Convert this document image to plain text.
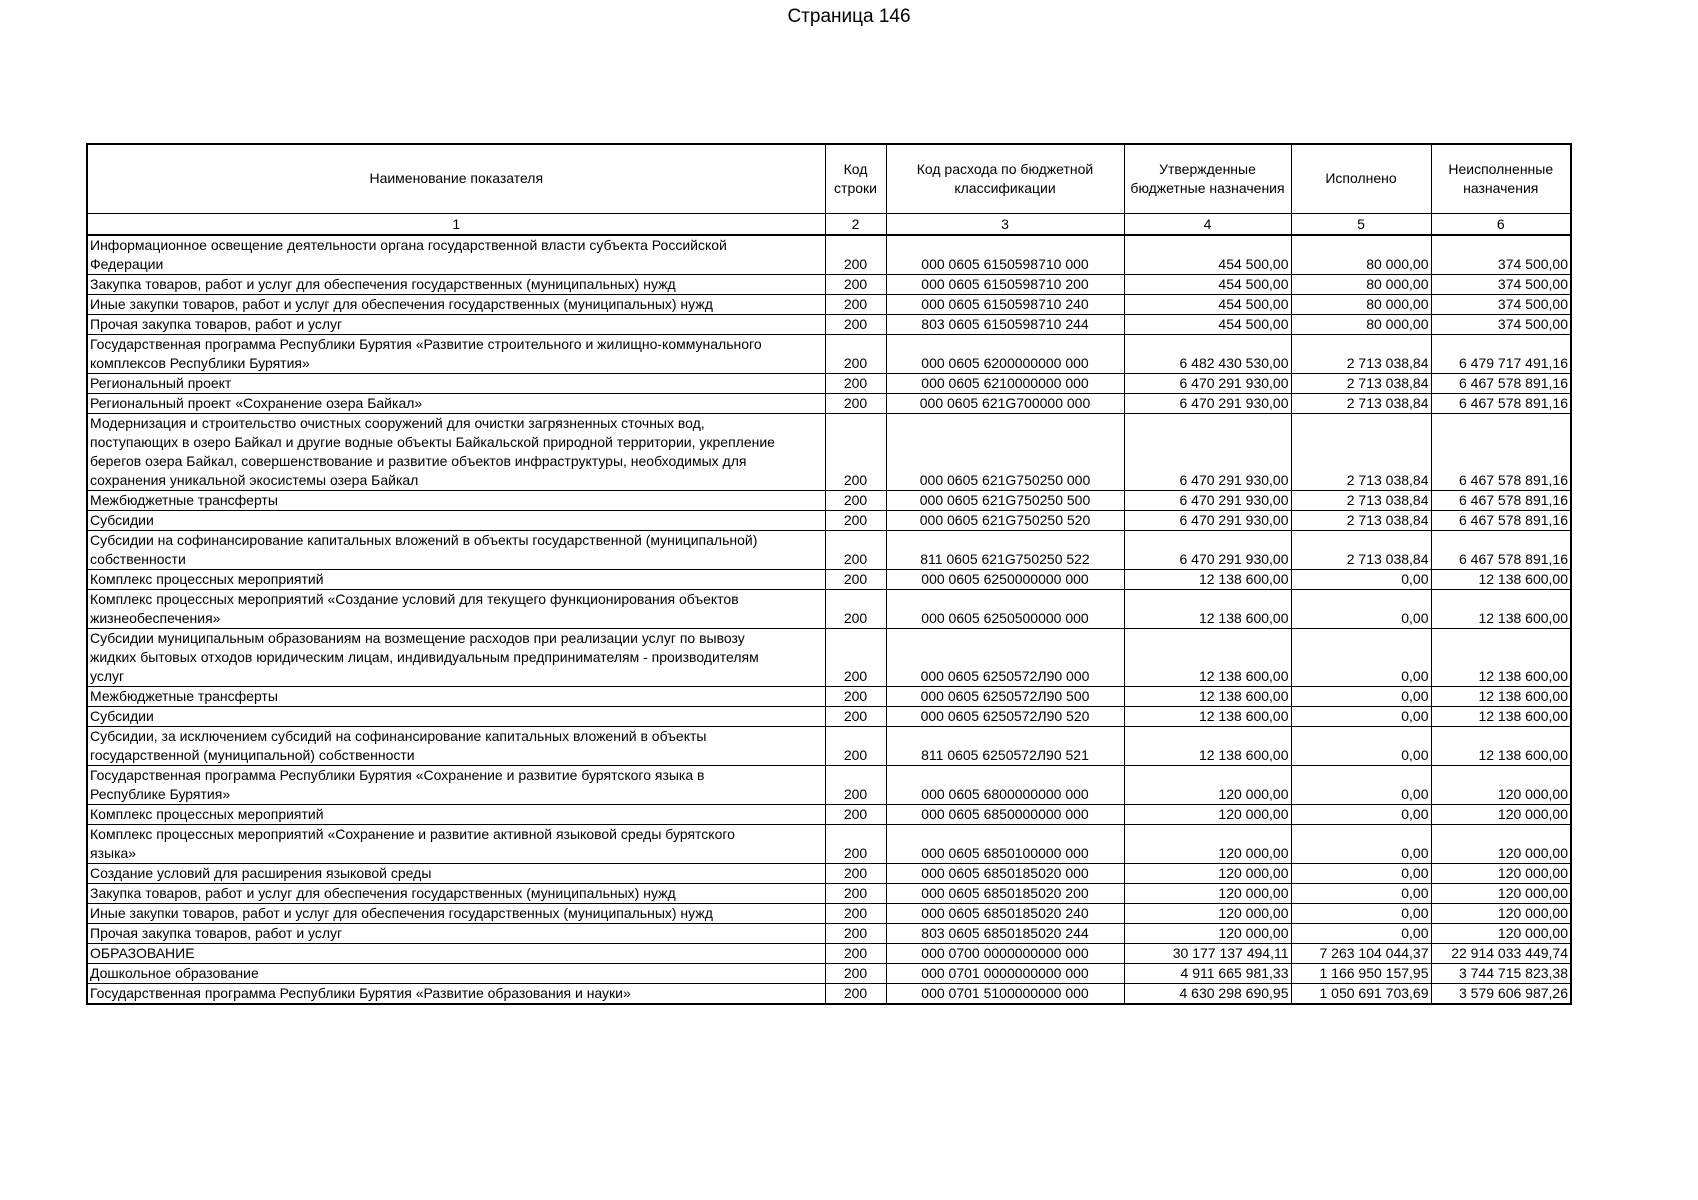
Страница 146
Наименование показателя	Код строки	Код расхода по бюджетной классификации	Утвержденные бюджетные назначения	Исполнено	Неисполненные назначения
1	2	3	4	5	6
Информационное освещение деятельности органа государственной власти субъекта Российской
Федерации	200	000 0605 6150598710 000	454 500,00	80 000,00	374 500,00
Закупка товаров, работ и услуг для обеспечения государственных (муниципальных) нужд	200	000 0605 6150598710 200	454 500,00	80 000,00	374 500,00
Иные закупки товаров, работ и услуг для обеспечения государственных (муниципальных) нужд	200	000 0605 6150598710 240	454 500,00	80 000,00	374 500,00
Прочая закупка товаров, работ и услуг	200	803 0605 6150598710 244	454 500,00	80 000,00	374 500,00
Государственная программа Республики Бурятия «Развитие строительного и жилищно-коммунального
комплексов Республики Бурятия»	200	000 0605 6200000000 000	6 482 430 530,00	2 713 038,84	6 479 717 491,16
Региональный проект	200	000 0605 6210000000 000	6 470 291 930,00	2 713 038,84	6 467 578 891,16
Региональный проект «Сохранение озера Байкал»	200	000 0605 621G700000 000	6 470 291 930,00	2 713 038,84	6 467 578 891,16
Модернизация и строительство очистных сооружений для очистки загрязненных сточных вод,
поступающих в озеро Байкал и другие водные объекты Байкальской природной территории, укрепление
берегов озера Байкал, совершенствование и развитие объектов инфраструктуры, необходимых для
сохранения уникальной экосистемы озера Байкал	200	000 0605 621G750250 000	6 470 291 930,00	2 713 038,84	6 467 578 891,16
Межбюджетные трансферты	200	000 0605 621G750250 500	6 470 291 930,00	2 713 038,84	6 467 578 891,16
Субсидии	200	000 0605 621G750250 520	6 470 291 930,00	2 713 038,84	6 467 578 891,16
Субсидии на софинансирование капитальных вложений в объекты государственной (муниципальной)
собственности	200	811 0605 621G750250 522	6 470 291 930,00	2 713 038,84	6 467 578 891,16
Комплекс процессных мероприятий	200	000 0605 6250000000 000	12 138 600,00	0,00	12 138 600,00
Комплекс процессных мероприятий «Создание условий для текущего функционирования объектов
жизнеобеспечения»	200	000 0605 6250500000 000	12 138 600,00	0,00	12 138 600,00
Субсидии муниципальным образованиям на возмещение расходов при реализации услуг по вывозу
жидких бытовых отходов юридическим лицам, индивидуальным предпринимателям - производителям
услуг	200	000 0605 6250572Л90 000	12 138 600,00	0,00	12 138 600,00
Межбюджетные трансферты	200	000 0605 6250572Л90 500	12 138 600,00	0,00	12 138 600,00
Субсидии	200	000 0605 6250572Л90 520	12 138 600,00	0,00	12 138 600,00
Субсидии, за исключением субсидий на софинансирование капитальных вложений в объекты
государственной (муниципальной) собственности	200	811 0605 6250572Л90 521	12 138 600,00	0,00	12 138 600,00
Государственная программа Республики Бурятия «Сохранение и развитие бурятского языка в
Республике Бурятия»	200	000 0605 6800000000 000	120 000,00	0,00	120 000,00
Комплекс процессных мероприятий	200	000 0605 6850000000 000	120 000,00	0,00	120 000,00
Комплекс процессных мероприятий «Сохранение и развитие активной языковой среды бурятского
языка»	200	000 0605 6850100000 000	120 000,00	0,00	120 000,00
Создание условий для расширения языковой среды	200	000 0605 6850185020 000	120 000,00	0,00	120 000,00
Закупка товаров, работ и услуг для обеспечения государственных (муниципальных) нужд	200	000 0605 6850185020 200	120 000,00	0,00	120 000,00
Иные закупки товаров, работ и услуг для обеспечения государственных (муниципальных) нужд	200	000 0605 6850185020 240	120 000,00	0,00	120 000,00
Прочая закупка товаров, работ и услуг	200	803 0605 6850185020 244	120 000,00	0,00	120 000,00
ОБРАЗОВАНИЕ	200	000 0700 0000000000 000	30 177 137 494,11	7 263 104 044,37	22 914 033 449,74
Дошкольное образование	200	000 0701 0000000000 000	4 911 665 981,33	1 166 950 157,95	3 744 715 823,38
Государственная программа Республики Бурятия «Развитие образования и науки»	200	000 0701 5100000000 000	4 630 298 690,95	1 050 691 703,69	3 579 606 987,26
